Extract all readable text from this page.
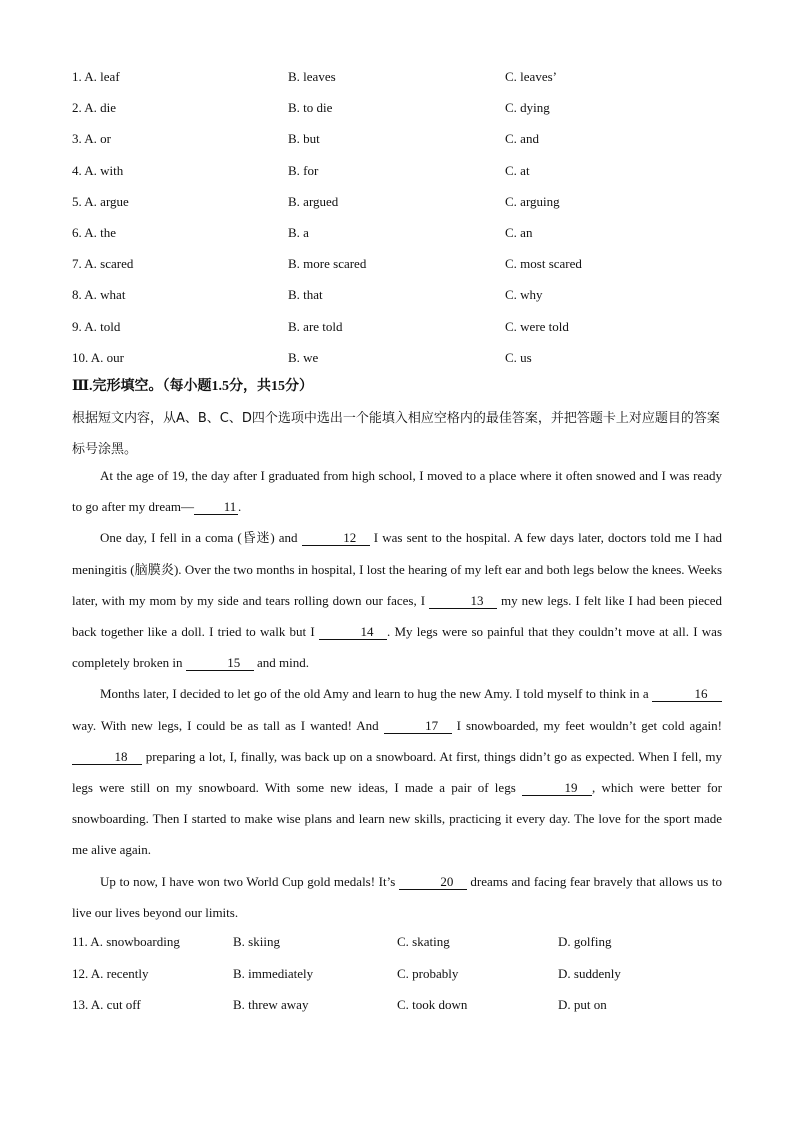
1. A. leaf	B. leaves	C. leaves’
2. A. die	B. to die	C. dying
3. A. or	B. but	C. and
4. A. with	B. for	C. at
5. A. argue	B. argued	C. arguing
6. A. the	B. a	C. an
7. A. scared	B. more scared	C. most scared
8. A. what	B. that	C. why
9. A. told	B. are told	C. were told
10. A. our	B. we	C. us
Ⅲ.完形填空。（每小题1.5分，共15分）
根据短文内容，从A、B、C、D四个选项中选出一个能填入相应空格内的最佳答案，并把答题卡上对应题目的答案标号涂黑。

At the age of 19, the day after I graduated from high school, I moved to a place where it often snowed and I was ready to go after my dream— 11 .

One day, I fell in a coma (昏迷) and	12 I was sent to the hospital. A few days later, doctors told me I had meningitis (脑膜炎). Over the two months in hospital, I lost the hearing of my left ear and both legs below the knees. Weeks later, with my mom by my side and tears rolling down our faces, I	13 my new legs. I felt like I had been pieced back together like a doll. I tried to walk but I	14 . My legs were so painful that they couldn’t move at all. I was completely broken in	15 and mind.

Months later, I decided to let go of the old Amy and learn to hug the new Amy. I told myself to think in a	16 way. With new legs, I could be as tall as I wanted! And	17 I snowboarded, my feet wouldn’t get cold again! 18 preparing a lot, I, finally, was back up on a snowboard. At first, things didn’t go as expected. When I fell, my legs were still on my snowboard. With some new ideas, I made a pair of legs	19 , which were better for snowboarding. Then I started to make wise plans and learn new skills, practicing it every day. The love for the sport made me alive again.

Up to now, I have won two World Cup gold medals! It’s	20 dreams and facing fear bravely that allows us to live our lives beyond our limits.

11. A. snowboarding	B. skiing	C. skating	D. golfing
12. A. recently	B. immediately	C. probably	D. suddenly
13. A. cut off	B. threw away	C. took down	D. put on
